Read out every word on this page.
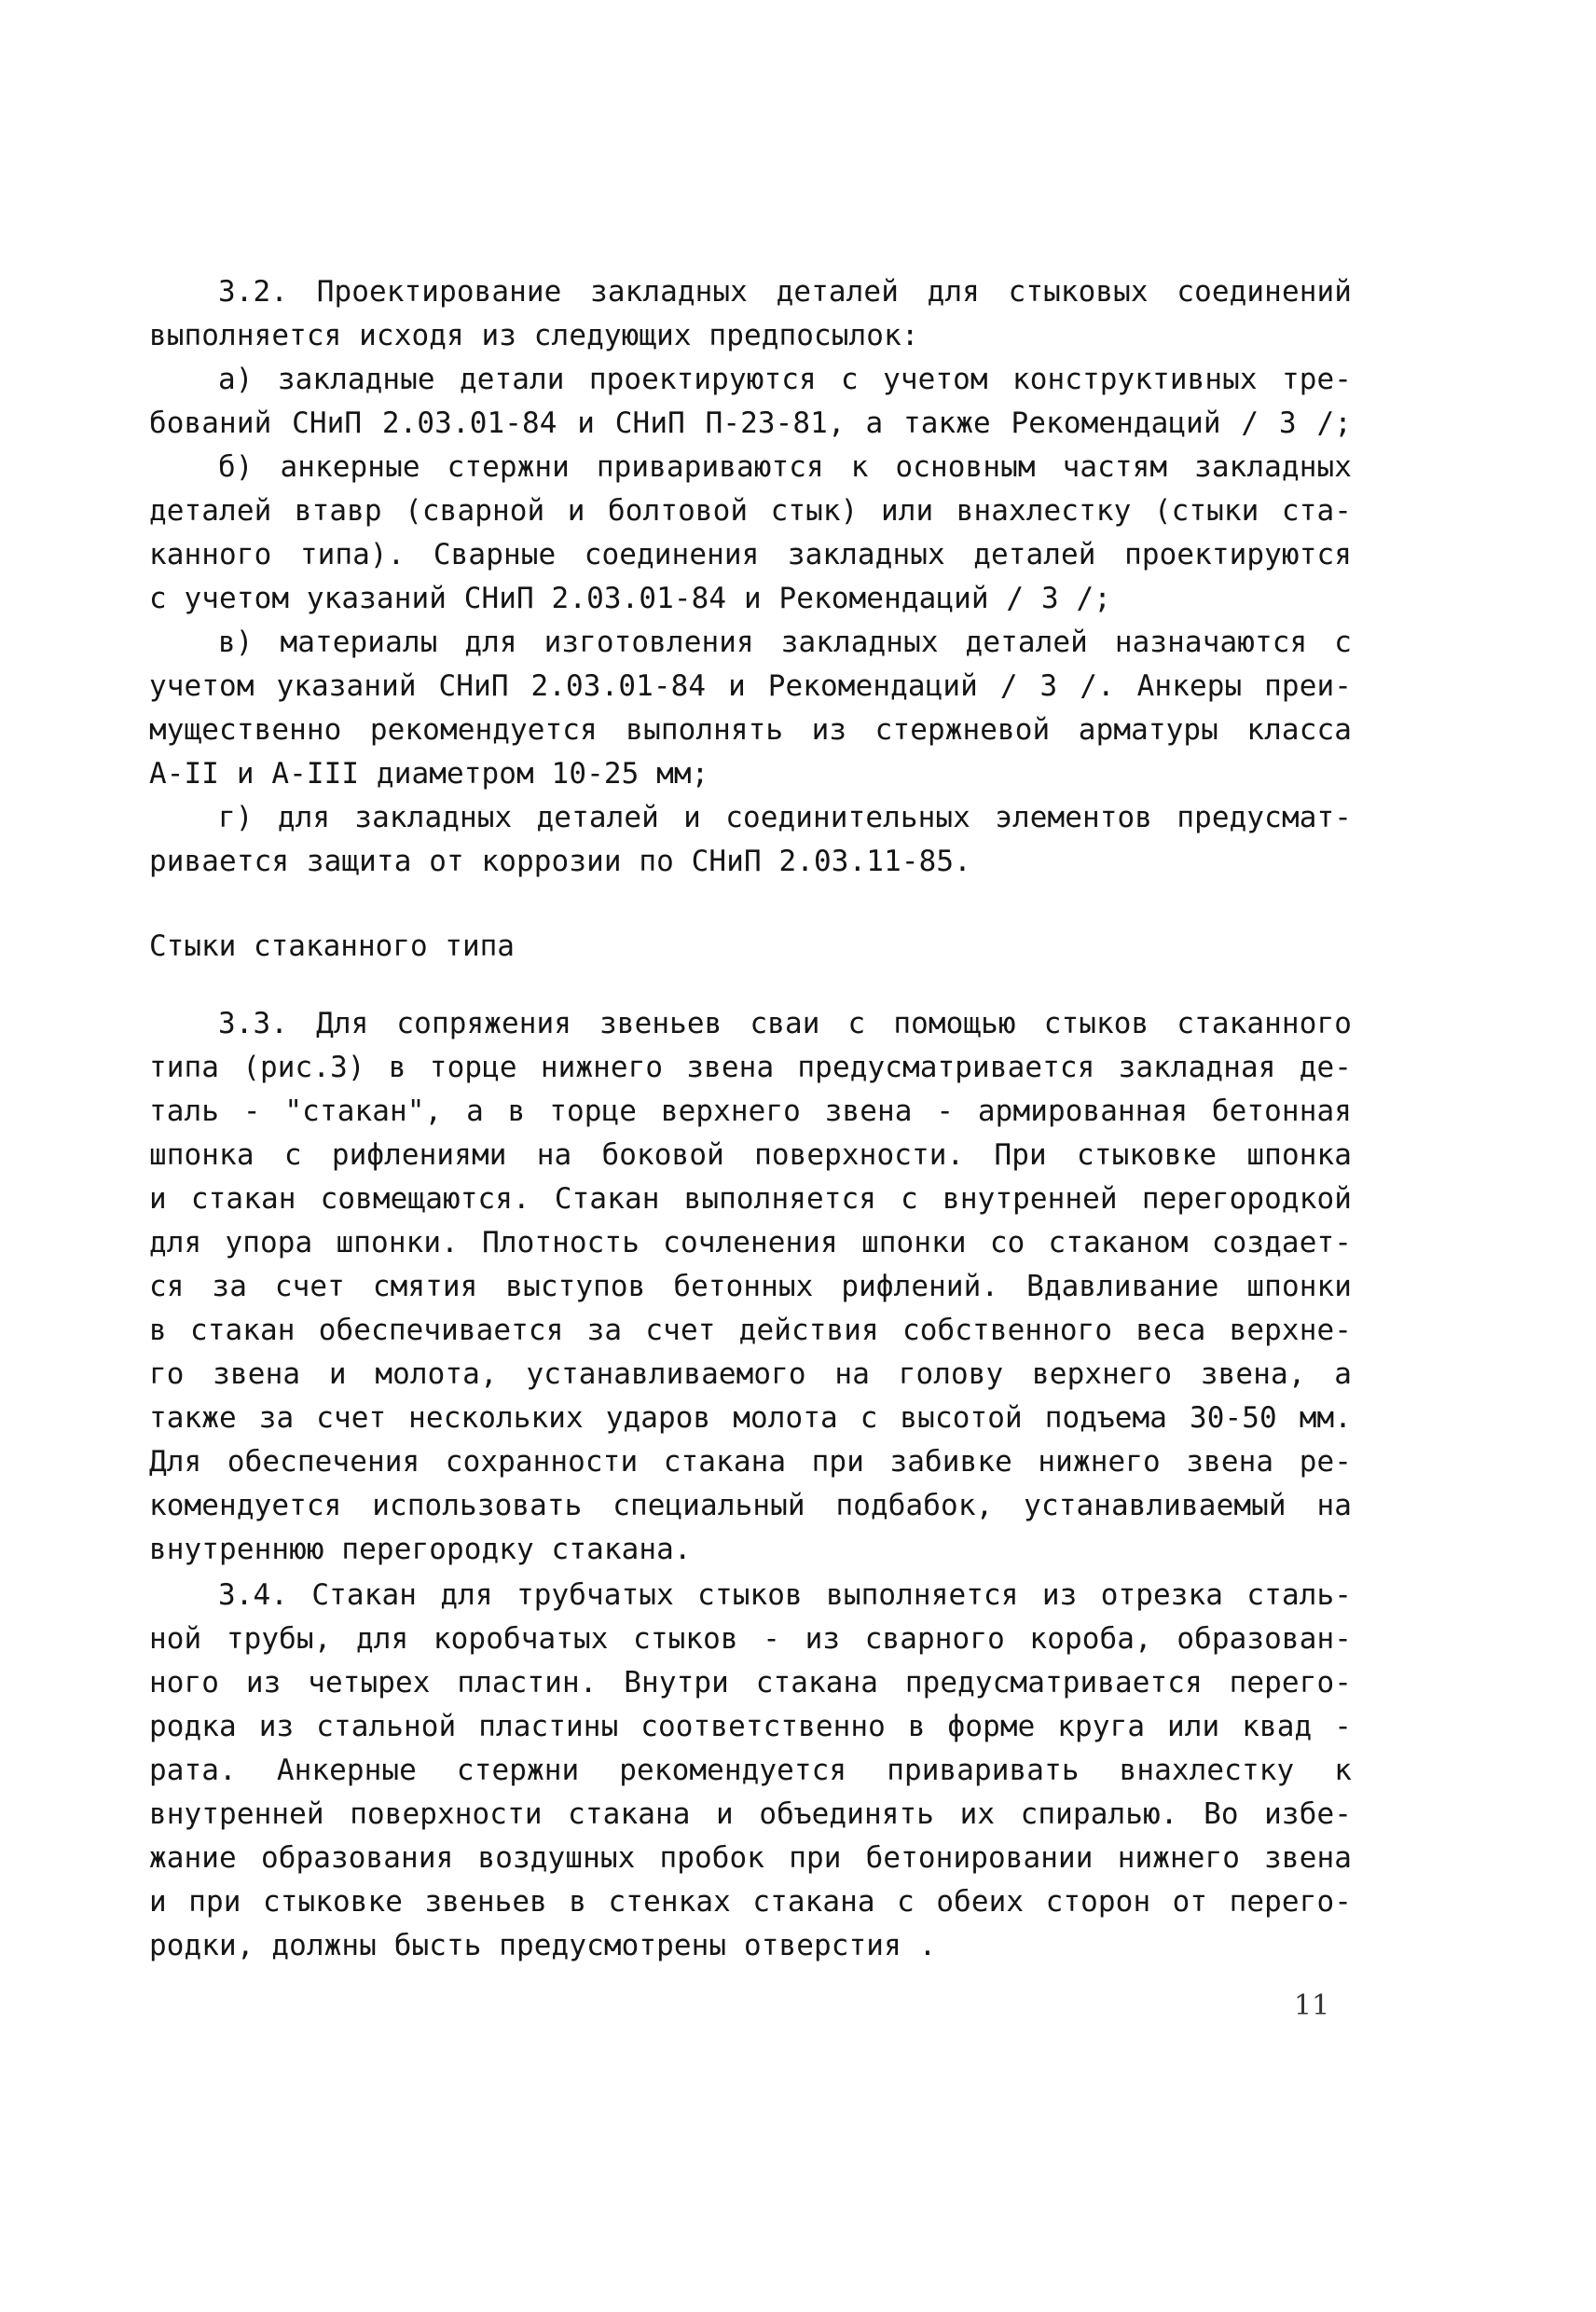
3.2. Проектирование закладных деталей для стыковых соединений
выполняется исходя из следующих предпосылок:
а) закладные детали проектируются с учетом конструктивных тре-
бований СНиП 2.03.01-84 и СНиП П-23-81, а также Рекомендаций / 3 /;
б) анкерные стержни привариваются к основным частям закладных
деталей втавр (сварной и болтовой стык) или внахлестку (стыки ста-
канного типа). Сварные соединения закладных деталей проектируются
с учетом указаний СНиП 2.03.01-84 и Рекомендаций / 3 /;
в) материалы для изготовления закладных деталей назначаются с
учетом указаний СНиП 2.03.01-84 и Рекомендаций / 3 /. Анкеры преи-
мущественно рекомендуется выполнять из стержневой арматуры класса
А-II и А-III диаметром 10-25 мм;
г) для закладных деталей и соединительных элементов предусмат-
ривается защита от коррозии по СНиП 2.03.11-85.
Стыки стаканного типа
3.3. Для сопряжения звеньев сваи с помощью стыков стаканного
типа (рис.3) в торце нижнего звена предусматривается закладная де-
таль - "стакан", а в торце верхнего звена - армированная бетонная
шпонка с рифлениями на боковой поверхности. При стыковке шпонка
и стакан совмещаются. Стакан выполняется с внутренней перегородкой
для упора шпонки. Плотность сочленения шпонки со стаканом создает-
ся за счет смятия выступов бетонных рифлений. Вдавливание шпонки
в стакан обеспечивается за счет действия собственного веса верхне-
го звена и молота, устанавливаемого на голову верхнего звена, а
также за счет нескольких ударов молота с высотой подъема 30-50 мм.
Для обеспечения сохранности стакана при забивке нижнего звена ре-
комендуется использовать специальный подбабок, устанавливаемый на
внутреннюю перегородку стакана.
3.4. Стакан для трубчатых стыков выполняется из отрезка сталь-
ной трубы, для коробчатых стыков - из сварного короба, образован-
ного из четырех пластин. Внутри стакана предусматривается перего-
родка из стальной пластины соответственно в форме круга или квад -
рата. Анкерные стержни рекомендуется приваривать внахлестку к
внутренней поверхности стакана и объединять их спиралью. Во избе-
жание образования воздушных пробок при бетонировании нижнего звена
и при стыковке звеньев в стенках стакана с обеих сторон от перего-
родки, должны бысть предусмотрены отверстия .
11
